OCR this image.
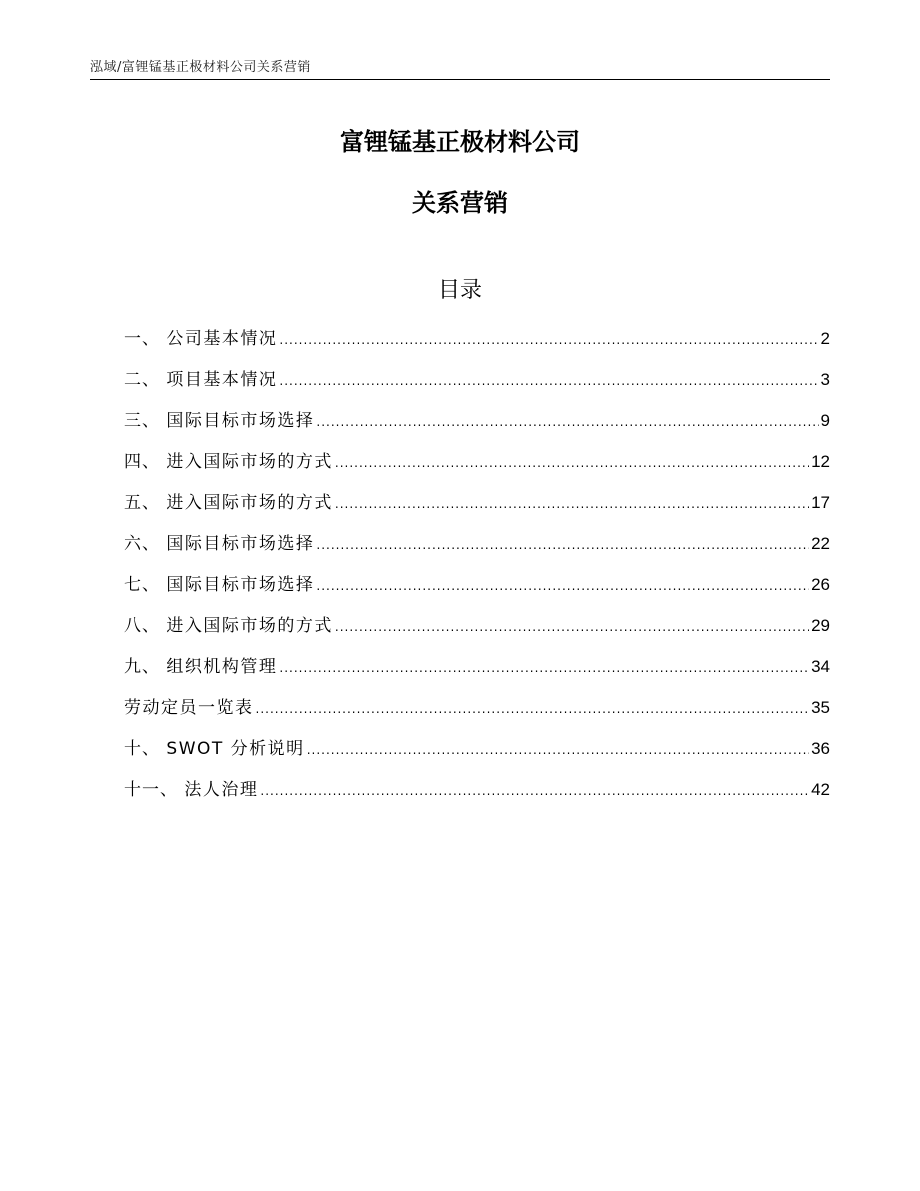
泓域/富锂锰基正极材料公司关系营销
富锂锰基正极材料公司
关系营销
目录
一、 公司基本情况 .....	2
二、 项目基本情况 .....	3
三、 国际目标市场选择 .....	9
四、 进入国际市场的方式 .....	12
五、 进入国际市场的方式 .....	17
六、 国际目标市场选择 .....	22
七、 国际目标市场选择 .....	26
八、 进入国际市场的方式 .....	29
九、 组织机构管理 .....	34
劳动定员一览表 .....	35
十、 SWOT 分析说明 .....	36
十一、 法人治理 .....	42
